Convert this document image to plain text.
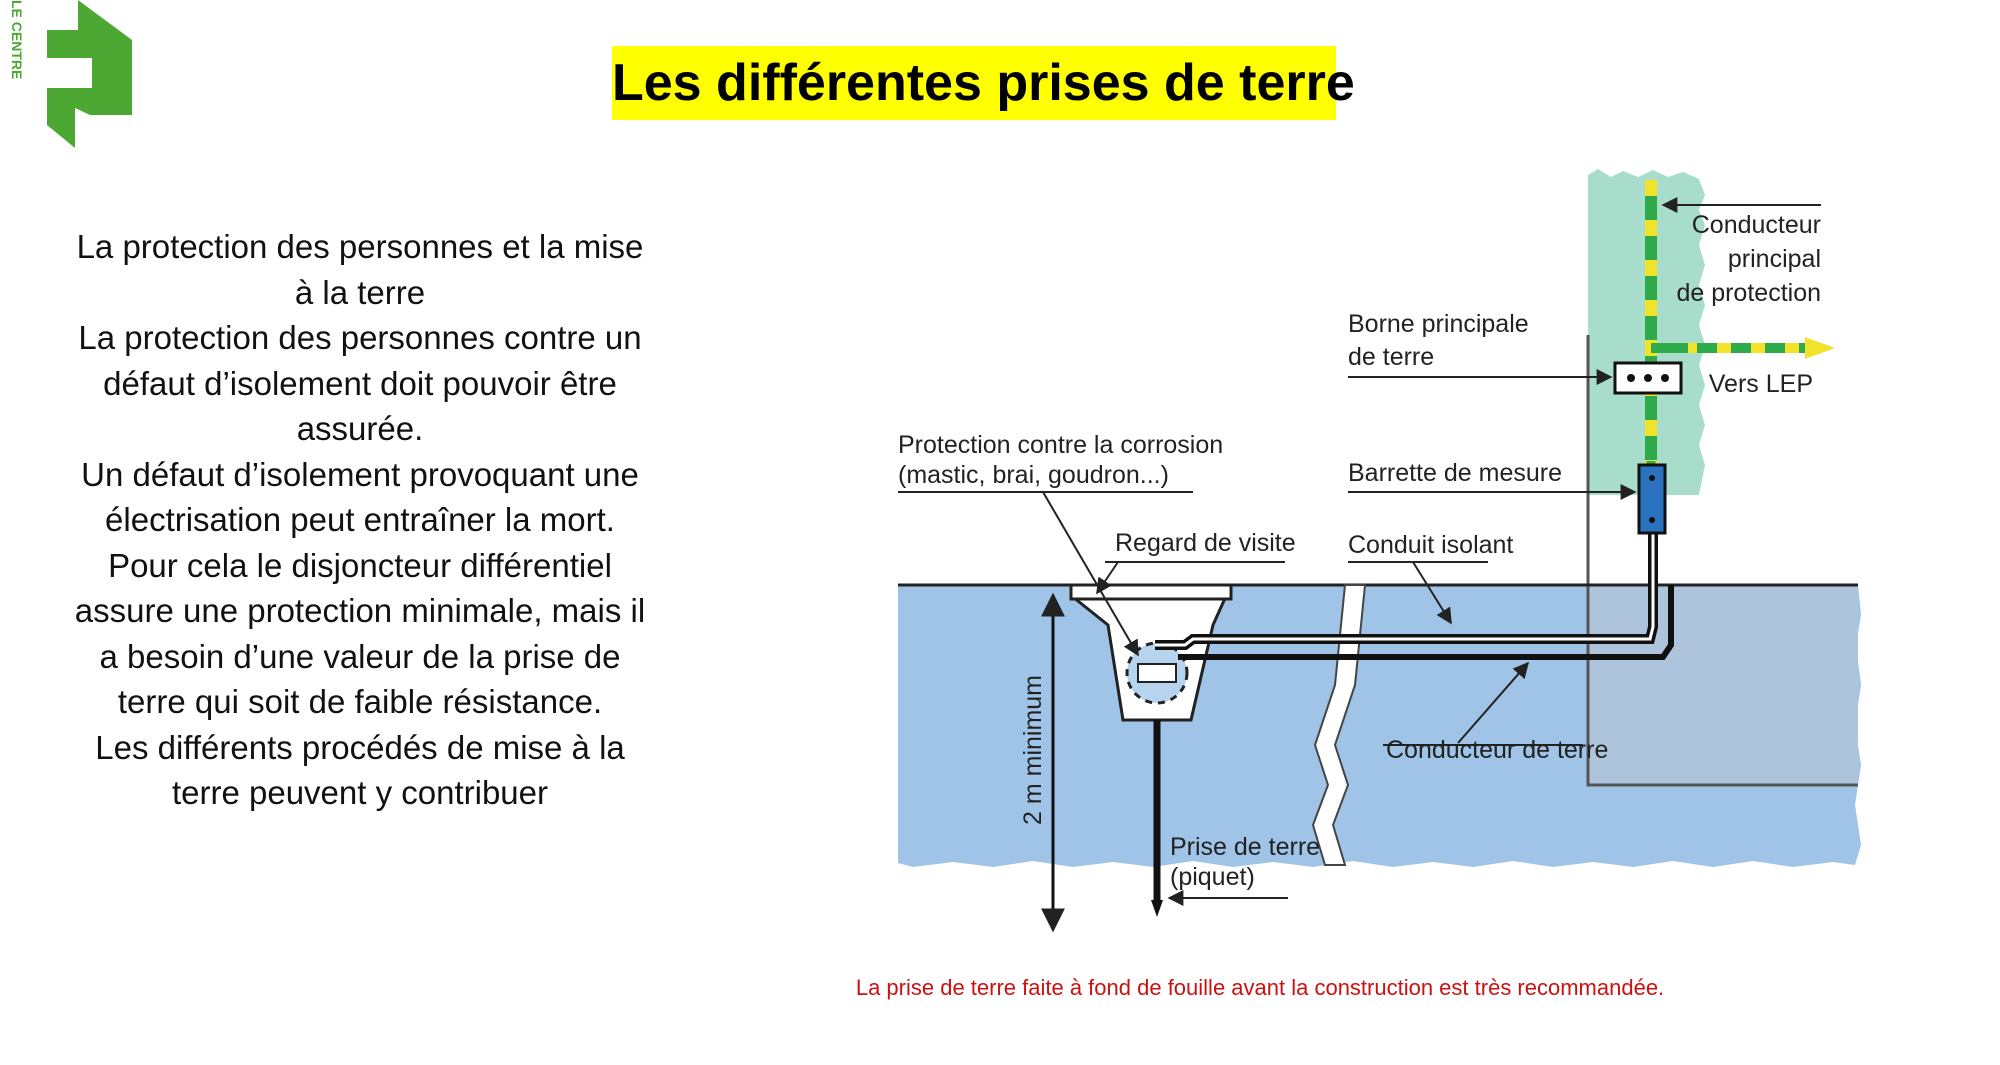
LE CENTRE
Les différentes prises de terre

La protection des personnes et la mise à la terre

La protection des personnes contre un défaut d’isolement doit pouvoir être assurée.

Un défaut d’isolement provoquant une électrisation peut entraîner la mort.

Pour cela le disjoncteur différentiel assure une protection minimale, mais il a besoin d’une valeur de la prise de terre qui soit de faible résistance.

Les différents procédés de mise à la terre peuvent y contribuer

Conducteur
principal
de protection
Borne principale
de terre
Vers LEP
Protection contre la corrosion
(mastic, brai, goudron...)	Barrette de mesure
Regard de visite Conduit isolant
Conducteur de terre
2 m minimum
Prise de terre
(piquet)
La prise de terre faite à fond de fouille avant la construction est très recommandée.
